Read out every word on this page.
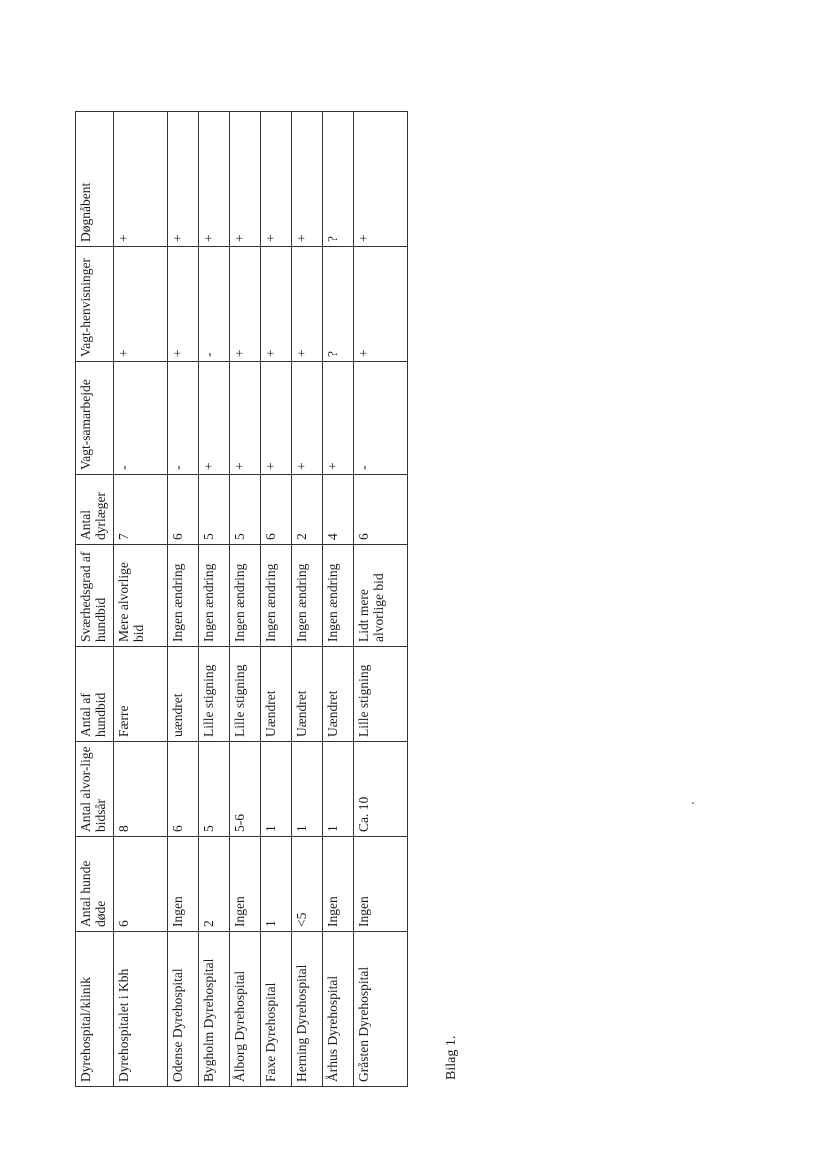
Dyrehospital/klinik	Antal hunde døde	Antal alvor-lige bidsår	Antal af hundbid	Sværhedsgrad af hundbid	Antal dyrlæger	Vagt-samarbejde	Vagt-henvisninger	Døgnåbent
Dyrehospitalet i Kbh	6	8	Færre	Mere alvorlige bid	7	-	+	+
Odense Dyrehospital	Ingen	6	uændret	Ingen ændring	6	-	+	+
Bygholm Dyrehospital	2	5	Lille stigning	Ingen ændring	5	+	-	+
Ålborg Dyrehospital	Ingen	5-6	Lille stigning	Ingen ændring	5	+	+	+
Faxe Dyrehospital	1	1	Uændret	Ingen ændring	6	+	+	+
Herning Dyrehospital	<5	1	Uændret	Ingen ændring	2	+	+	+
Århus Dyrehospital	Ingen	1	Uændret	Ingen ændring	4	+	?	?
Gråsten Dyrehospital	Ingen	Ca. 10	Lille stigning	Lidt mere alvorlige bid	6	-	+	+
Bilag 1.
